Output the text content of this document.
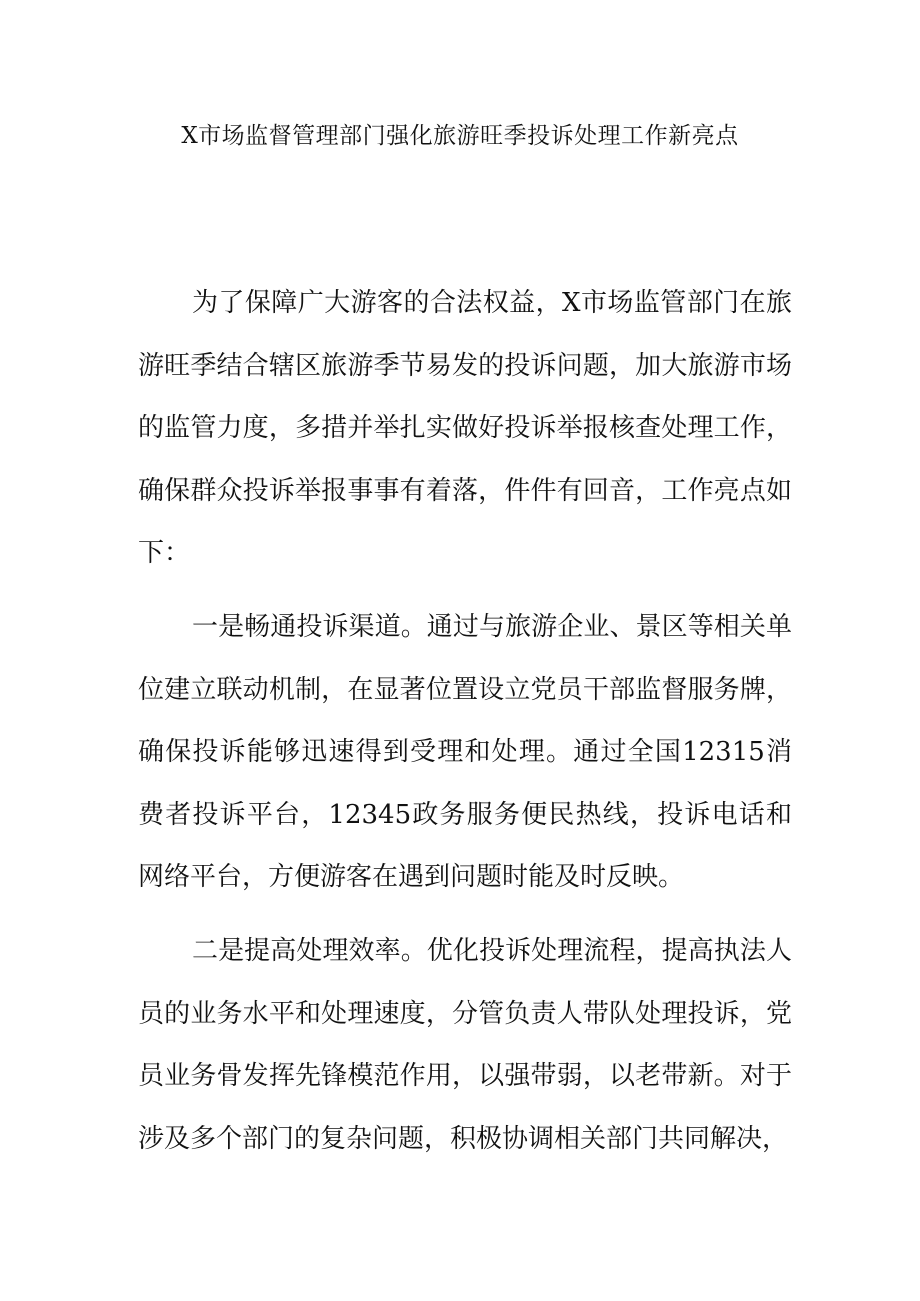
X市场监督管理部门强化旅游旺季投诉处理工作新亮点

为了保障广大游客的合法权益，X市场监管部门在旅游旺季结合辖区旅游季节易发的投诉问题，加大旅游市场的监管力度，多措并举扎实做好投诉举报核查处理工作，确保群众投诉举报事事有着落，件件有回音，工作亮点如下：

一是畅通投诉渠道。通过与旅游企业、景区等相关单位建立联动机制，在显著位置设立党员干部监督服务牌，确保投诉能够迅速得到受理和处理。通过全国12315消费者投诉平台，12345政务服务便民热线，投诉电话和网络平台，方便游客在遇到问题时能及时反映。

二是提高处理效率。优化投诉处理流程，提高执法人员的业务水平和处理速度，分管负责人带队处理投诉，党员业务骨发挥先锋模范作用，以强带弱，以老带新。对于涉及多个部门的复杂问题，积极协调相关部门共同解决，
